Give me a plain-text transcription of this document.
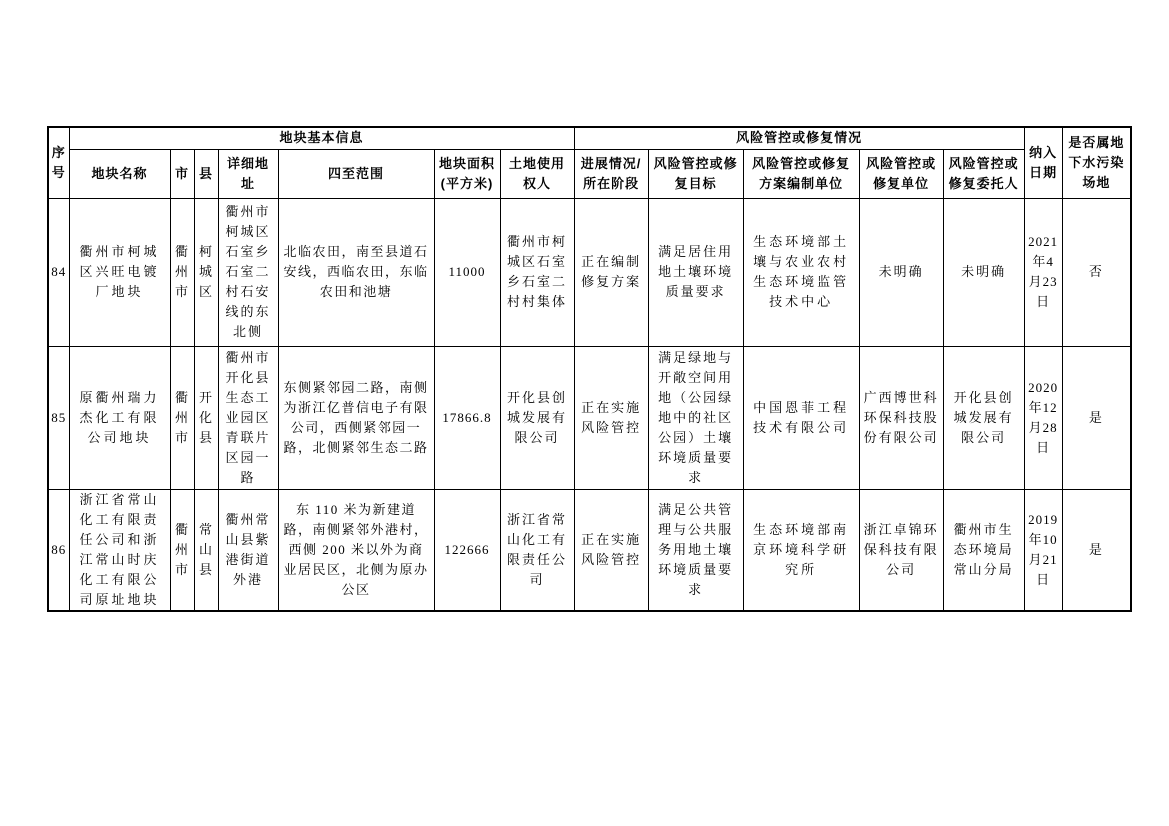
序号	地块基本信息							风险管控或修复情况					纳入日期	是否属地下水污染场地
	地块名称	市	县	详细地址	四至范围	地块面积(平方米)	土地使用权人	进展情况/所在阶段	风险管控或修复目标	风险管控或修复方案编制单位	风险管控或修复单位	风险管控或修复委托人		
84	衢州市柯城区兴旺电镀厂地块	衢州市	柯城区	衢州市柯城区石室乡石室二村石安线的东北侧	北临农田，南至县道石安线，西临农田，东临农田和池塘	11000	衢州市柯城区石室乡石室二村村集体	正在编制修复方案	满足居住用地土壤环境质量要求	生态环境部土壤与农业农村生态环境监管技术中心	未明确	未明确	2021年4月23日	否
85	原衢州瑞力杰化工有限公司地块	衢州市	开化县	衢州市开化县生态工业园区青联片区园一路	东侧紧邻园二路，南侧为浙江亿普信电子有限公司，西侧紧邻园一路，北侧紧邻生态二路	17866.8	开化县创城发展有限公司	正在实施风险管控	满足绿地与开敞空间用地（公园绿地中的社区公园）土壤环境质量要求	中国恩菲工程技术有限公司	广西博世科环保科技股份有限公司	开化县创城发展有限公司	2020年12月28日	是
86	浙江省常山化工有限责任公司和浙江常山时庆化工有限公司原址地块	衢州市	常山县	衢州常山县紫港街道外港	东 110 米为新建道路，南侧紧邻外港村，西侧 200 米以外为商业居民区，北侧为原办公区	122666	浙江省常山化工有限责任公司	正在实施风险管控	满足公共管理与公共服务用地土壤环境质量要求	生态环境部南京环境科学研究所	浙江卓锦环保科技有限公司	衢州市生态环境局常山分局	2019年10月21日	是
